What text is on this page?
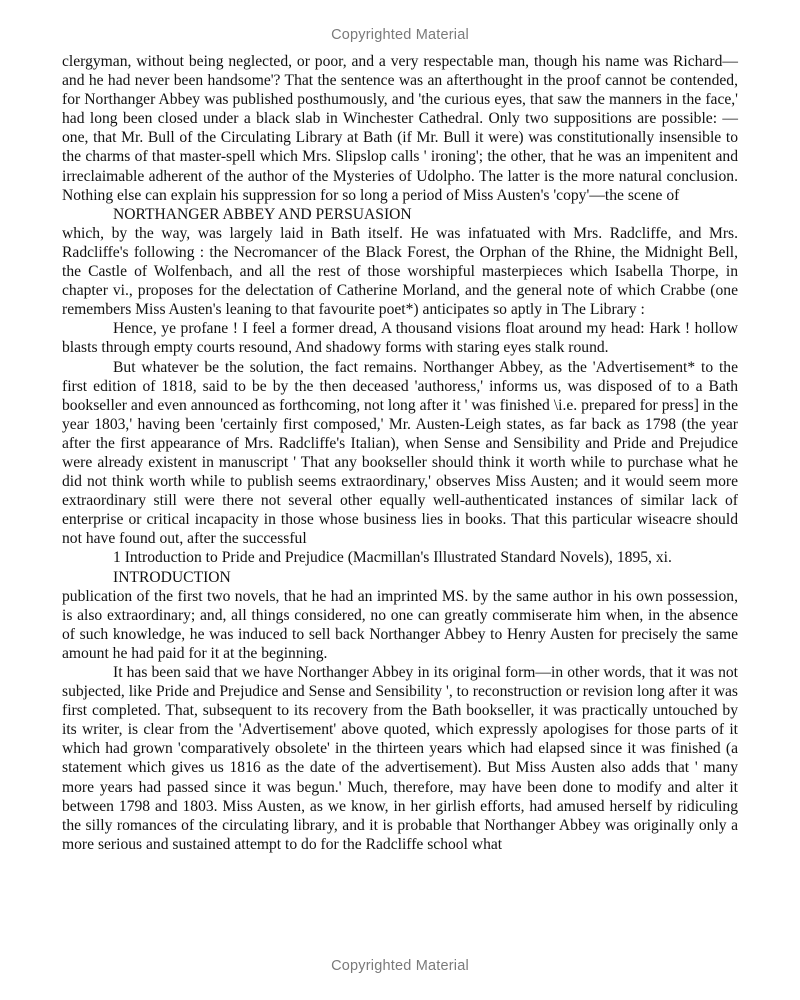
Copyrighted Material

clergyman, without being neglected, or poor, and a very respectable man, though his name was Richard—and he had never been handsome'? That the sentence was an afterthought in the proof cannot be contended, for Northanger Abbey was published posthumously, and 'the curious eyes, that saw the manners in the face,' had long been closed under a black slab in Winchester Cathedral. Only two suppositions are possible: — one, that Mr. Bull of the Circulating Library at Bath (if Mr. Bull it were) was constitutionally insensible to the charms of that master-spell which Mrs. Slipslop calls ' ironing'; the other, that he was an impenitent and irreclaimable adherent of the author of the Mysteries of Udolpho. The latter is the more natural conclusion. Nothing else can explain his suppression for so long a period of Miss Austen's 'copy'—the scene of

NORTHANGER ABBEY AND PERSUASION

which, by the way, was largely laid in Bath itself. He was infatuated with Mrs. Radcliffe, and Mrs. Radcliffe's following : the Necromancer of the Black Forest, the Orphan of the Rhine, the Midnight Bell, the Castle of Wolfenbach, and all the rest of those worshipful masterpieces which Isabella Thorpe, in chapter vi., proposes for the delectation of Catherine Morland, and the general note of which Crabbe (one remembers Miss Austen's leaning to that favourite poet*) anticipates so aptly in The Library :

Hence, ye profane ! I feel a former dread, A thousand visions float around my head: Hark ! hollow blasts through empty courts resound, And shadowy forms with staring eyes stalk round.

But whatever be the solution, the fact remains. Northanger Abbey, as the 'Advertisement* to the first edition of 1818, said to be by the then deceased 'authoress,' informs us, was disposed of to a Bath bookseller and even announced as forthcoming, not long after it ' was finished \i.e. prepared for press] in the year 1803,' having been 'certainly first composed,' Mr. Austen-Leigh states, as far back as 1798 (the year after the first appearance of Mrs. Radcliffe's Italian), when Sense and Sensibility and Pride and Prejudice were already existent in manuscript ' That any bookseller should think it worth while to purchase what he did not think worth while to publish seems extraordinary,' observes Miss Austen; and it would seem more extraordinary still were there not several other equally well-authenticated instances of similar lack of enterprise or critical incapacity in those whose business lies in books. That this particular wiseacre should not have found out, after the successful

1 Introduction to Pride and Prejudice (Macmillan's Illustrated Standard Novels), 1895, xi.

INTRODUCTION

publication of the first two novels, that he had an imprinted MS. by the same author in his own possession, is also extraordinary; and, all things considered, no one can greatly commiserate him when, in the absence of such knowledge, he was induced to sell back Northanger Abbey to Henry Austen for precisely the same amount he had paid for it at the beginning.

It has been said that we have Northanger Abbey in its original form—in other words, that it was not subjected, like Pride and Prejudice and Sense and Sensibility ', to reconstruction or revision long after it was first completed. That, subsequent to its recovery from the Bath bookseller, it was practically untouched by its writer, is clear from the 'Advertisement' above quoted, which expressly apologises for those parts of it which had grown 'comparatively obsolete' in the thirteen years which had elapsed since it was finished (a statement which gives us 1816 as the date of the advertisement). But Miss Austen also adds that ' many more years had passed since it was begun.' Much, therefore, may have been done to modify and alter it between 1798 and 1803. Miss Austen, as we know, in her girlish efforts, had amused herself by ridiculing the silly romances of the circulating library, and it is probable that Northanger Abbey was originally only a more serious and sustained attempt to do for the Radcliffe school what

Copyrighted Material
